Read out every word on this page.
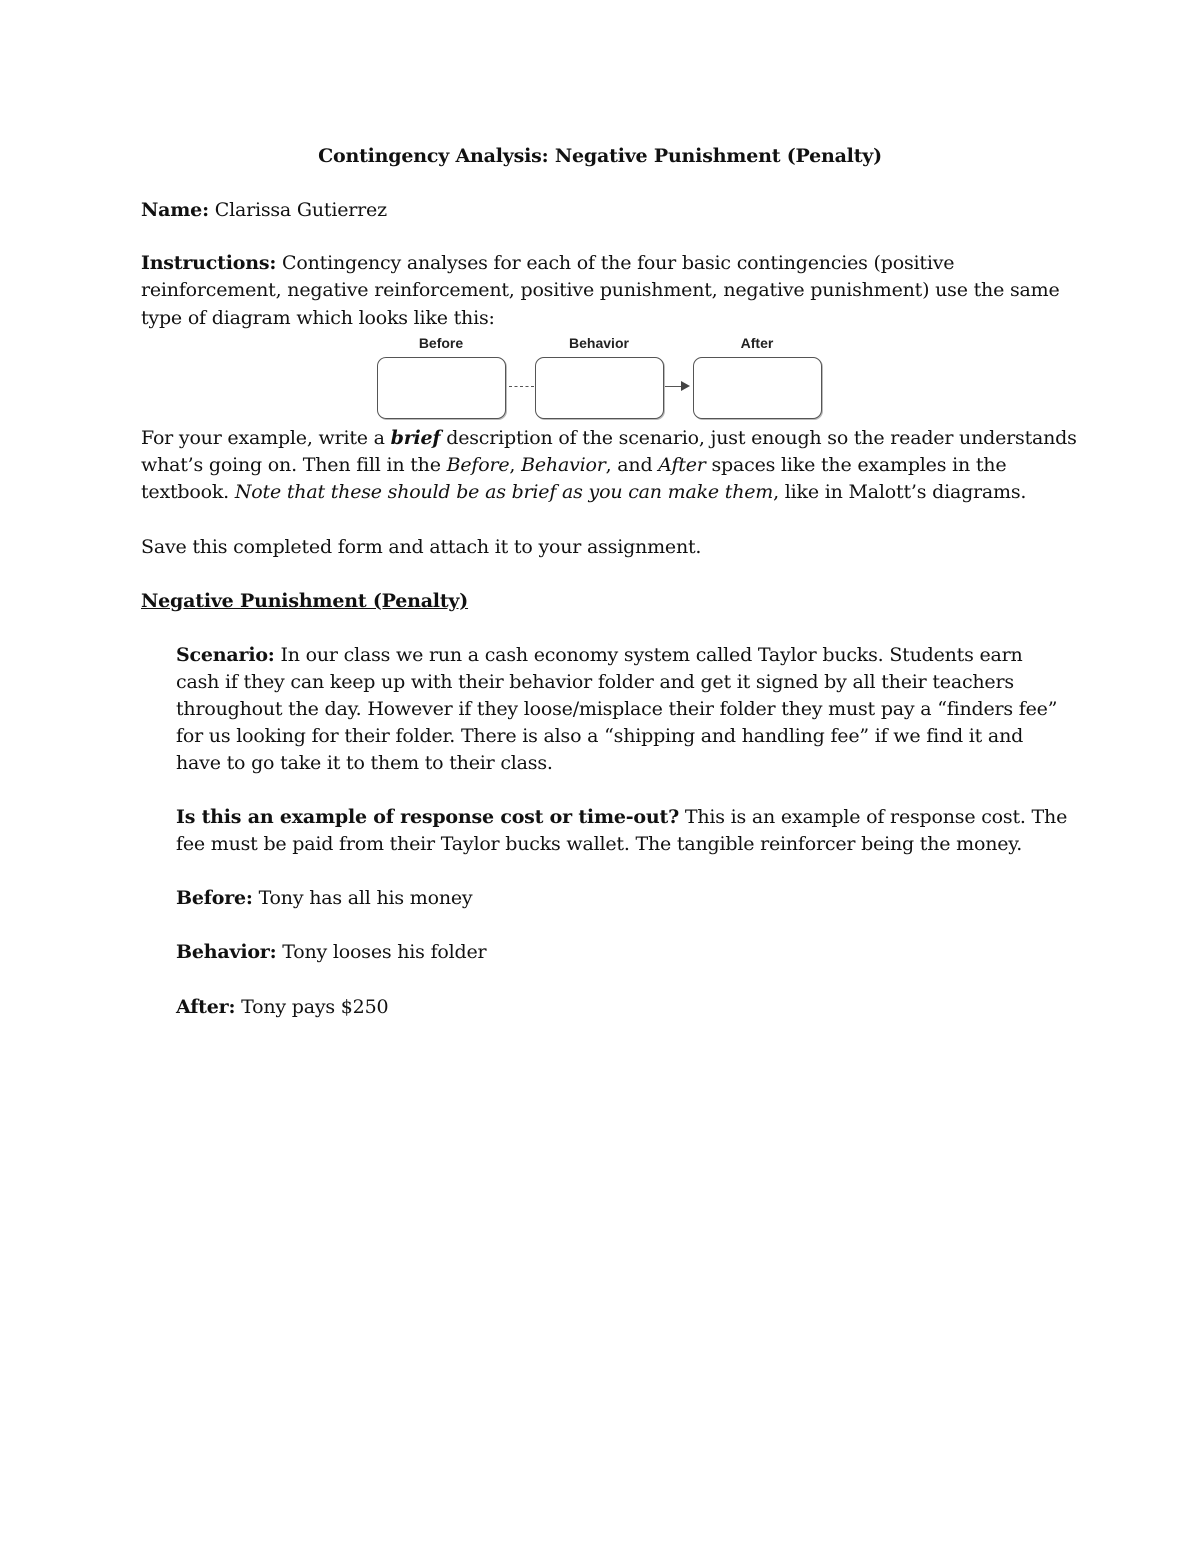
Contingency Analysis: Negative Punishment (Penalty)
Name: Clarissa Gutierrez
Instructions: Contingency analyses for each of the four basic contingencies (positive
reinforcement, negative reinforcement, positive punishment, negative punishment) use the same
type of diagram which looks like this:
Before	Behavior	After
For your example, write a brief description of the scenario, just enough so the reader understands
what’s going on. Then fill in the Before, Behavior, and After spaces like the examples in the
textbook. Note that these should be as brief as you can make them, like in Malott’s diagrams.
Save this completed form and attach it to your assignment.
Negative Punishment (Penalty)
Scenario: In our class we run a cash economy system called Taylor bucks. Students earn
cash if they can keep up with their behavior folder and get it signed by all their teachers
throughout the day. However if they loose/misplace their folder they must pay a “finders fee”
for us looking for their folder. There is also a “shipping and handling fee” if we find it and
have to go take it to them to their class.
Is this an example of response cost or time-out? This is an example of response cost. The
fee must be paid from their Taylor bucks wallet. The tangible reinforcer being the money.
Before: Tony has all his money
Behavior: Tony looses his folder
After: Tony pays $250
